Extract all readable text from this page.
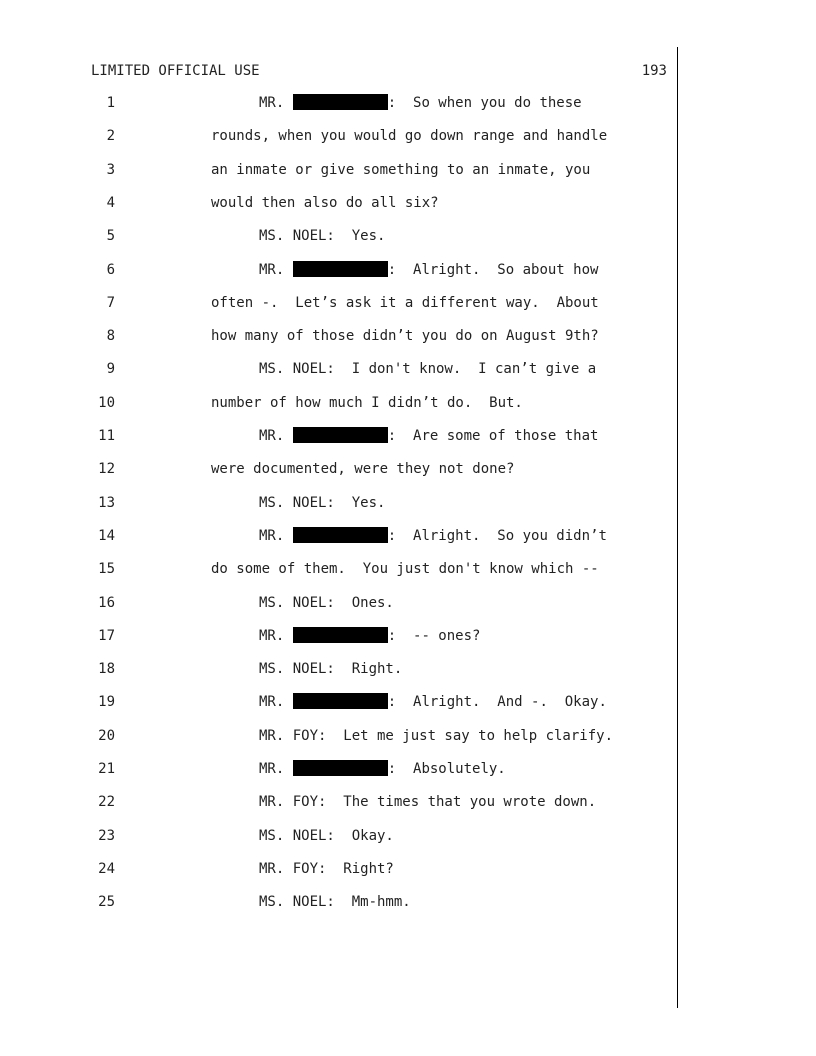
LIMITED OFFICIAL USE	193
1	MR.	:  So when you do these
2	rounds, when you would go down range and handle
3	an inmate or give something to an inmate, you
4	would then also do all six?
5	MS. NOEL:  Yes.
6	MR.	:  Alright.  So about how
7	often -.  Let’s ask it a different way.  About
8	how many of those didn’t you do on August 9th?
9	MS. NOEL:  I don't know.  I can’t give a
10	number of how much I didn’t do.  But.
11	MR.	:  Are some of those that
12	were documented, were they not done?
13	MS. NOEL:  Yes.
14	MR.	:  Alright.  So you didn’t
15	do some of them.  You just don't know which --
16	MS. NOEL:  Ones.
17	MR.	:  -- ones?
18	MS. NOEL:  Right.
19	MR.	:  Alright.  And -.  Okay.
20	MR. FOY:  Let me just say to help clarify.
21	MR.	:  Absolutely.
22	MR. FOY:  The times that you wrote down.
23	MS. NOEL:  Okay.
24	MR. FOY:  Right?
25	MS. NOEL:  Mm-hmm.
